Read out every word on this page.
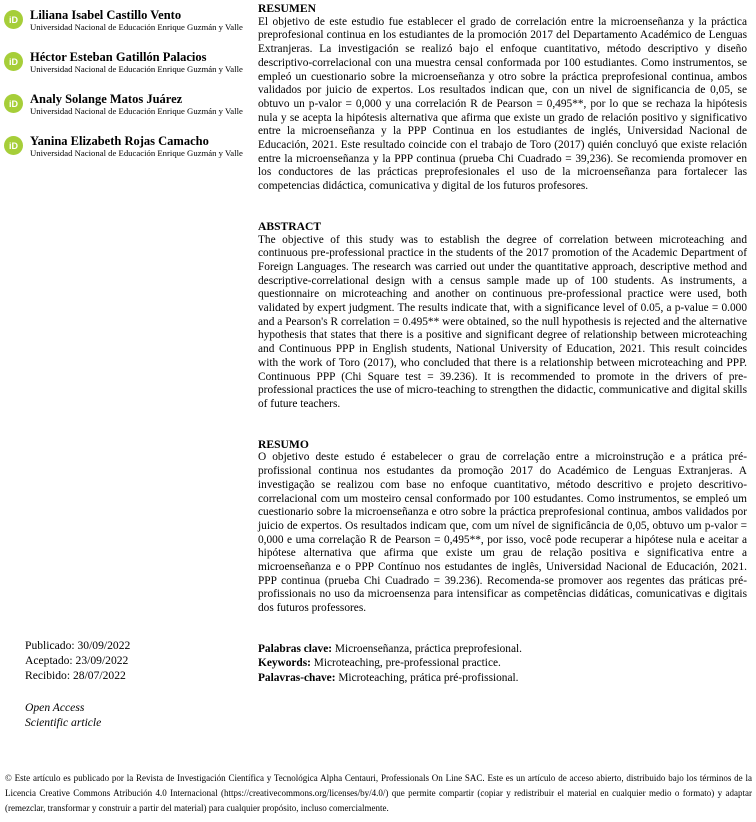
iD Liliana Isabel Castillo Vento
Universidad Nacional de Educación Enrique Guzmán y Valle
iD Héctor Esteban Gatillón Palacios
Universidad Nacional de Educación Enrique Guzmán y Valle
iD Analy Solange Matos Juárez
Universidad Nacional de Educación Enrique Guzmán y Valle
iD Yanina Elizabeth Rojas Camacho
Universidad Nacional de Educación Enrique Guzmán y Valle
Publicado: 30/09/2022
Aceptado: 23/09/2022
Recibido: 28/07/2022
Open Access
Scientific article
RESUMEN

El objetivo de este estudio fue establecer el grado de correlación entre la microenseñanza y la práctica preprofesional continua en los estudiantes de la promoción 2017 del Departamento Académico de Lenguas Extranjeras. La investigación se realizó bajo el enfoque cuantitativo, método descriptivo y diseño descriptivo-correlacional con una muestra censal conformada por 100 estudiantes. Como instrumentos, se empleó un cuestionario sobre la microenseñanza y otro sobre la práctica preprofesional continua, ambos validados por juicio de expertos. Los resultados indican que, con un nivel de significancia de 0,05, se obtuvo un p-valor = 0,000 y una correlación R de Pearson = 0,495**, por lo que se rechaza la hipótesis nula y se acepta la hipótesis alternativa que afirma que existe un grado de relación positivo y significativo entre la microenseñanza y la PPP Continua en los estudiantes de inglés, Universidad Nacional de Educación, 2021. Este resultado coincide con el trabajo de Toro (2017) quién concluyó que existe relación entre la microenseñanza y la PPP continua (prueba Chi Cuadrado = 39,236). Se recomienda promover en los conductores de las prácticas preprofesionales el uso de la microenseñanza para fortalecer las competencias didáctica, comunicativa y digital de los futuros profesores.

ABSTRACT

The objective of this study was to establish the degree of correlation between microteaching and continuous pre-professional practice in the students of the 2017 promotion of the Academic Department of Foreign Languages. The research was carried out under the quantitative approach, descriptive method and descriptive-correlational design with a census sample made up of 100 students. As instruments, a questionnaire on microteaching and another on continuous pre-professional practice were used, both validated by expert judgment. The results indicate that, with a significance level of 0.05, a p-value = 0.000 and a Pearson's R correlation = 0.495** were obtained, so the null hypothesis is rejected and the alternative hypothesis that states that there is a positive and significant degree of relationship between microteaching and Continuous PPP in English students, National University of Education, 2021. This result coincides with the work of Toro (2017), who concluded that there is a relationship between microteaching and PPP. Continuous PPP (Chi Square test = 39.236). It is recommended to promote in the drivers of pre-professional practices the use of micro-teaching to strengthen the didactic, communicative and digital skills of future teachers.

RESUMO

O objetivo deste estudo é estabelecer o grau de correlação entre a microinstrução e a prática pré-profissional continua nos estudantes da promoção 2017 do Académico de Lenguas Extranjeras. A investigação se realizou com base no enfoque cuantitativo, método descritivo e projeto descritivo-correlacional com um mosteiro censal conformado por 100 estudantes. Como instrumentos, se empleó um cuestionario sobre la microenseñanza e otro sobre la práctica preprofesional continua, ambos validados por juicio de expertos. Os resultados indicam que, com um nível de significância de 0,05, obtuvo um p-valor = 0,000 e uma correlação R de Pearson = 0,495**, por isso, você pode recuperar a hipótese nula e aceitar a hipótese alternativa que afirma que existe um grau de relação positiva e significativa entre a microenseñanza e o PPP Contínuo nos estudantes de inglês, Universidad Nacional de Educación, 2021. PPP continua (prueba Chi Cuadrado = 39.236). Recomenda-se promover aos regentes das práticas pré-profissionais no uso da microensenza para intensificar as competências didáticas, comunicativas e digitais dos futuros professores.

Palabras clave: Microenseñanza, práctica preprofesional.
Keywords: Microteaching, pre-professional practice.
Palavras-chave: Microteaching, prática pré-profissional.

© Este artículo es publicado por la Revista de Investigación Científica y Tecnológica Alpha Centauri, Professionals On Line SAC. Este es un artículo de acceso abierto, distribuido bajo los términos de la Licencia Creative Commons Atribución 4.0 Internacional (https://creativecommons.org/licenses/by/4.0/) que permite compartir (copiar y redistribuir el material en cualquier medio o formato) y adaptar (remezclar, transformar y construir a partir del material) para cualquier propósito, incluso comercialmente.
